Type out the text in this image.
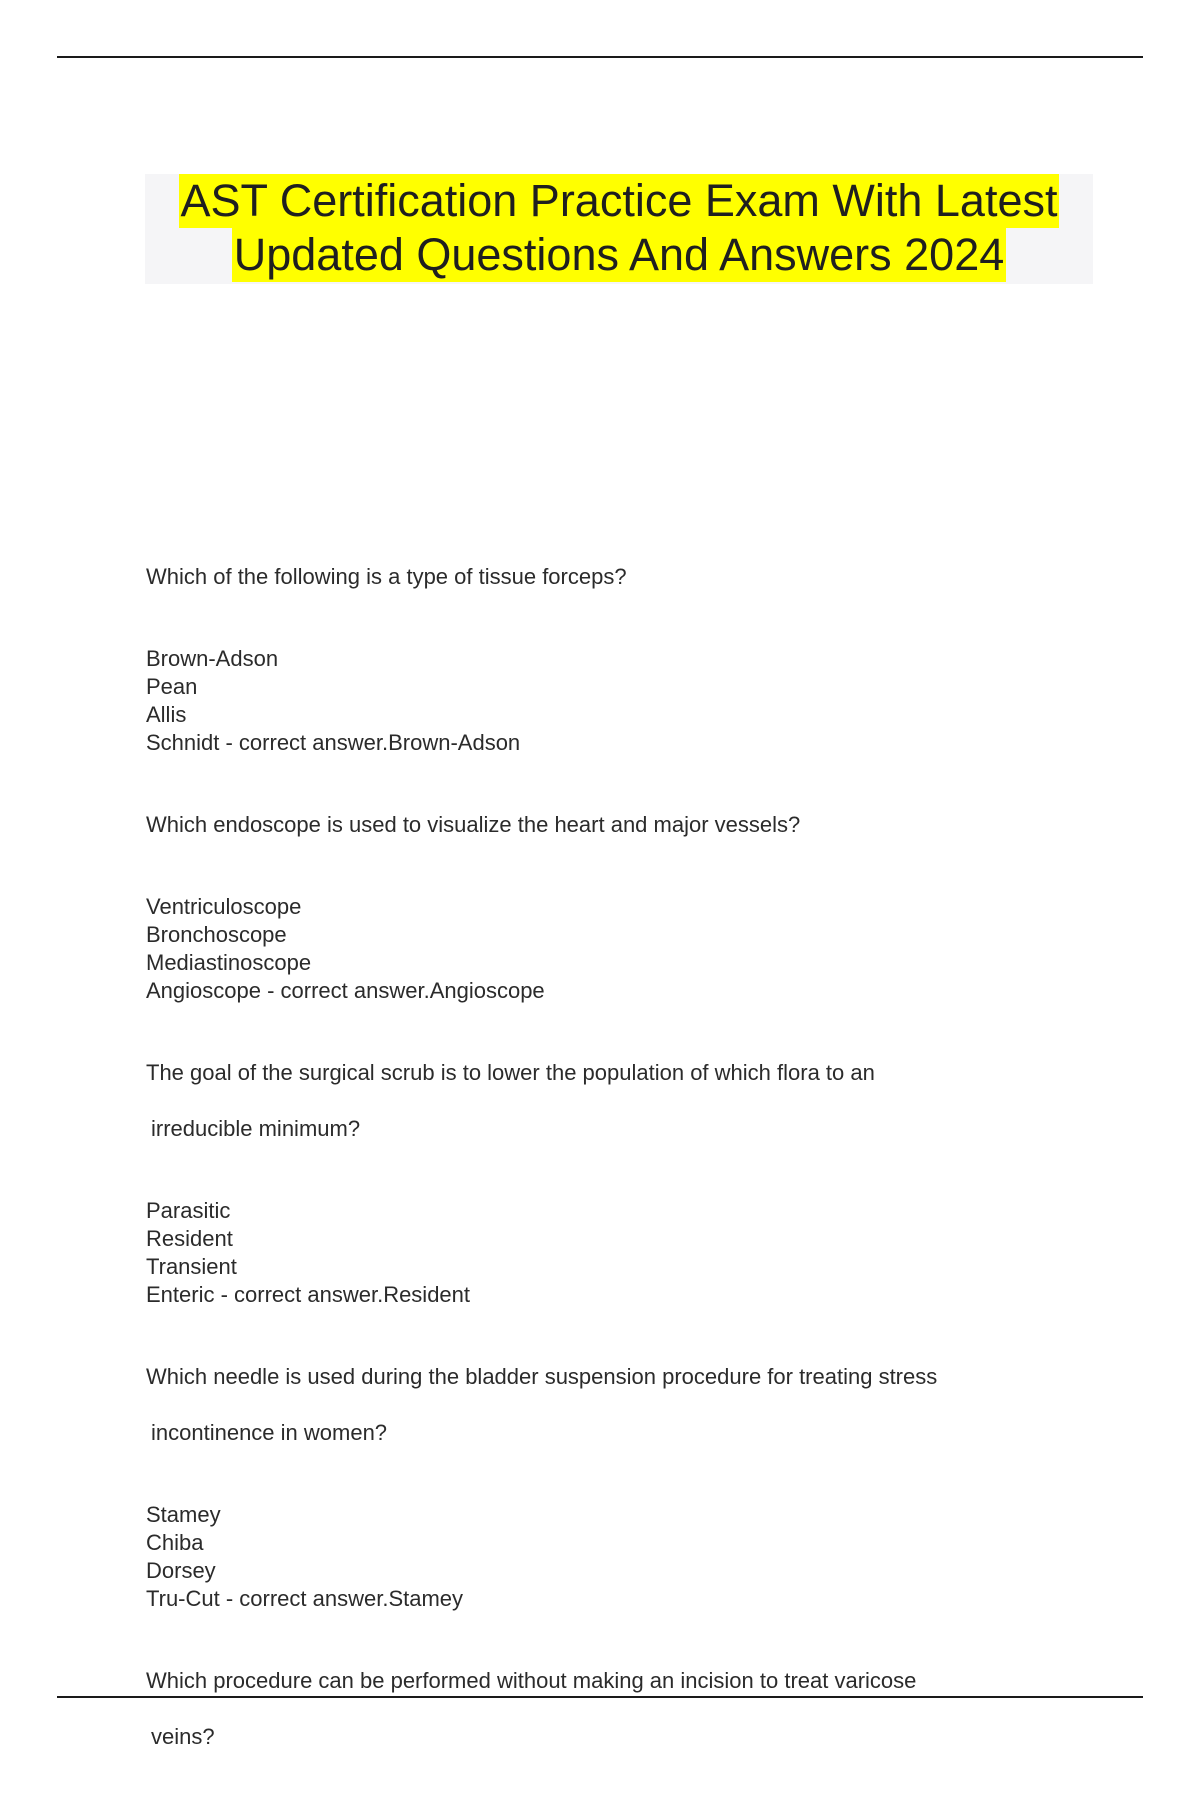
AST Certification Practice Exam With Latest
Updated Questions And Answers 2024

Which of the following is a type of tissue forceps?

Brown-Adson
Pean
Allis
Schnidt - correct answer.Brown-Adson

Which endoscope is used to visualize the heart and major vessels?

Ventriculoscope
Bronchoscope
Mediastinoscope
Angioscope - correct answer.Angioscope

The goal of the surgical scrub is to lower the population of which flora to an

irreducible minimum?

Parasitic
Resident
Transient
Enteric - correct answer.Resident

Which needle is used during the bladder suspension procedure for treating stress

incontinence in women?

Stamey
Chiba
Dorsey
Tru-Cut - correct answer.Stamey

Which procedure can be performed without making an incision to treat varicose

veins?
